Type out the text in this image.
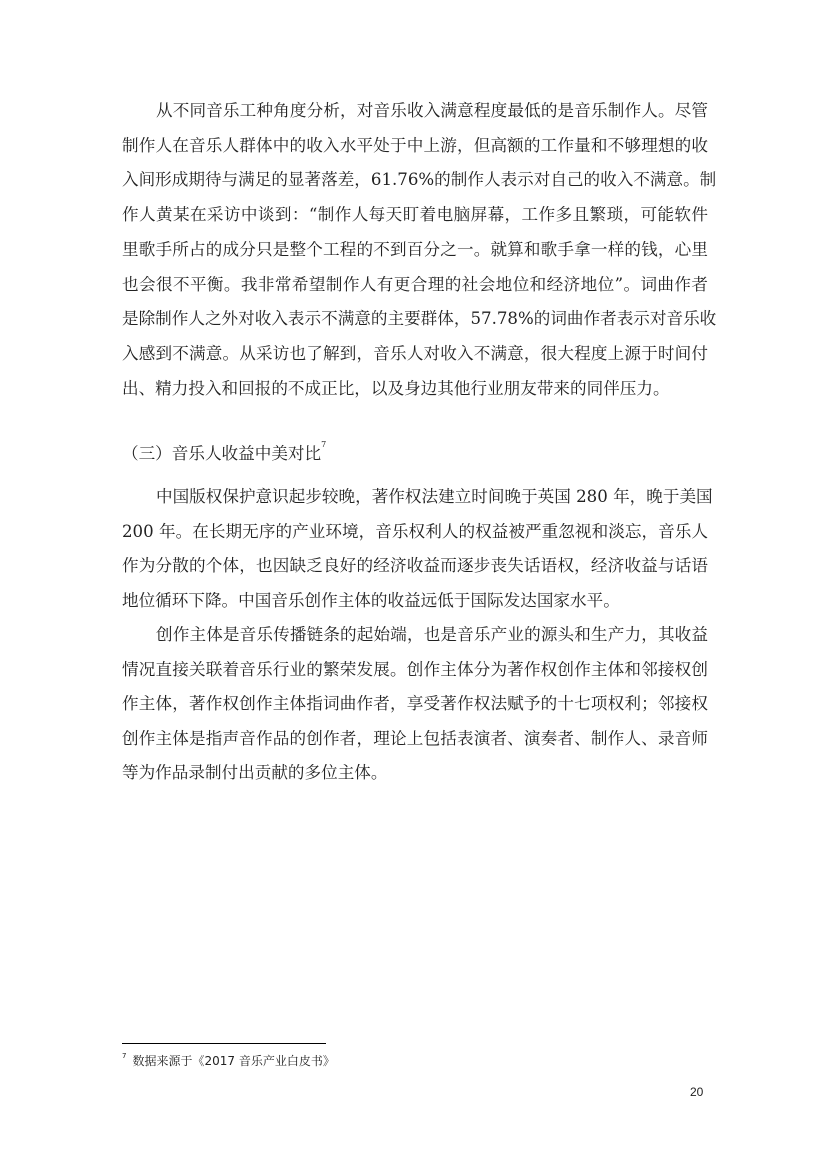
从不同音乐工种角度分析，对音乐收入满意程度最低的是音乐制作人。尽管
制作人在音乐人群体中的收入水平处于中上游，但高额的工作量和不够理想的收
入间形成期待与满足的显著落差，61.76%的制作人表示对自己的收入不满意。制
作人黄某在采访中谈到：“制作人每天盯着电脑屏幕，工作多且繁琐，可能软件
里歌手所占的成分只是整个工程的不到百分之一。就算和歌手拿一样的钱，心里
也会很不平衡。我非常希望制作人有更合理的社会地位和经济地位”。词曲作者
是除制作人之外对收入表示不满意的主要群体，57.78%的词曲作者表示对音乐收
入感到不满意。从采访也了解到，音乐人对收入不满意，很大程度上源于时间付
出、精力投入和回报的不成正比，以及身边其他行业朋友带来的同伴压力。
（三）音乐人收益中美对比$^7$
中国版权保护意识起步较晚，著作权法建立时间晚于英国 280 年，晚于美国
200 年。在长期无序的产业环境，音乐权利人的权益被严重忽视和淡忘，音乐人
作为分散的个体，也因缺乏良好的经济收益而逐步丧失话语权，经济收益与话语
地位循环下降。中国音乐创作主体的收益远低于国际发达国家水平。
创作主体是音乐传播链条的起始端，也是音乐产业的源头和生产力，其收益
情况直接关联着音乐行业的繁荣发展。创作主体分为著作权创作主体和邻接权创
作主体，著作权创作主体指词曲作者，享受著作权法赋予的十七项权利；邻接权
创作主体是指声音作品的创作者，理论上包括表演者、演奏者、制作人、录音师
等为作品录制付出贡献的多位主体。
$^7$ 数据来源于《2017 音乐产业白皮书》
20
